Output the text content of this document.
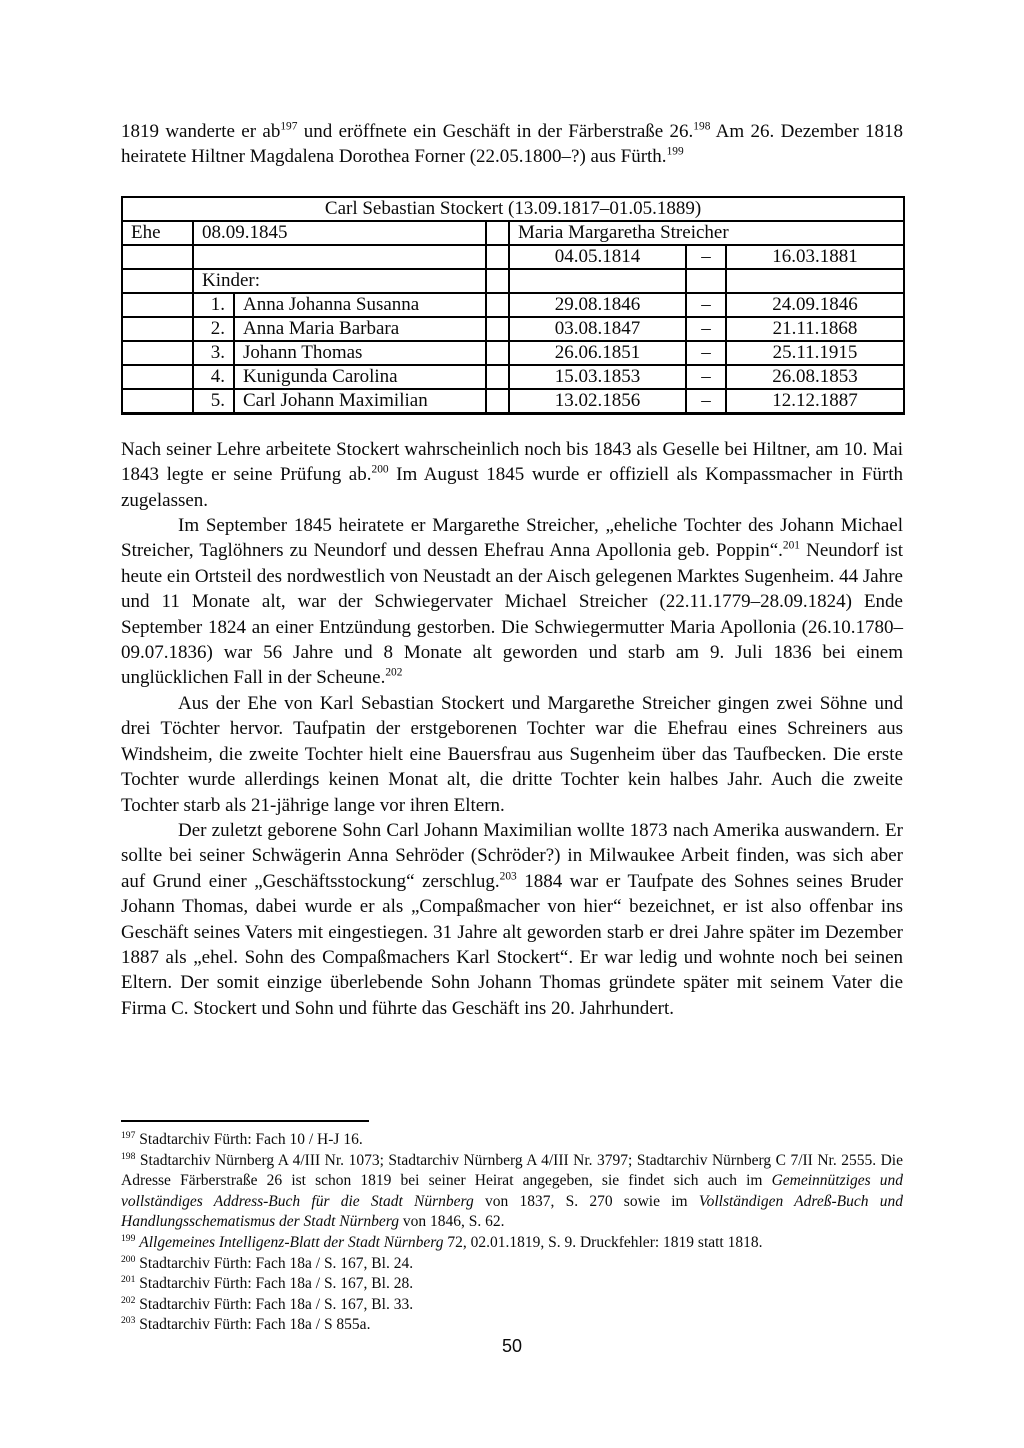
1819 wanderte er ab$^{197}$ und eröffnete ein Geschäft in der Färberstraße 26.$^{198}$ Am 26. Dezember 1818 heiratete Hiltner Magdalena Dorothea Forner (22.05.1800–?) aus Fürth.$^{199}$

Carl Sebastian Stockert (13.09.1817–01.05.1889)						
Ehe	08.09.1845			Maria Margaretha Streicher		
				04.05.1814	–	16.03.1881
	Kinder:					
	1.	Anna Johanna Susanna		29.08.1846	–	24.09.1846
	2.	Anna Maria Barbara		03.08.1847	–	21.11.1868
	3.	Johann Thomas		26.06.1851	–	25.11.1915
	4.	Kunigunda Carolina		15.03.1853	–	26.08.1853
	5.	Carl Johann Maximilian		13.02.1856	–	12.12.1887

Nach seiner Lehre arbeitete Stockert wahrscheinlich noch bis 1843 als Geselle bei Hiltner, am 10. Mai 1843 legte er seine Prüfung ab.$^{200}$ Im August 1845 wurde er offiziell als Kompassmacher in Fürth zugelassen.

Im September 1845 heiratete er Margarethe Streicher, „eheliche Tochter des Johann Michael Streicher, Taglöhners zu Neundorf und dessen Ehefrau Anna Apollonia geb. Poppin“.$^{201}$ Neundorf ist heute ein Ortsteil des nordwestlich von Neustadt an der Aisch gelegenen Marktes Sugenheim. 44 Jahre und 11 Monate alt, war der Schwiegervater Michael Streicher (22.11.1779–28.09.1824) Ende September 1824 an einer Entzündung gestorben. Die Schwiegermutter Maria Apollonia (26.10.1780–09.07.1836) war 56 Jahre und 8 Monate alt geworden und starb am 9. Juli 1836 bei einem unglücklichen Fall in der Scheune.$^{202}$

Aus der Ehe von Karl Sebastian Stockert und Margarethe Streicher gingen zwei Söhne und drei Töchter hervor. Taufpatin der erstgeborenen Tochter war die Ehefrau eines Schreiners aus Windsheim, die zweite Tochter hielt eine Bauersfrau aus Sugenheim über das Taufbecken. Die erste Tochter wurde allerdings keinen Monat alt, die dritte Tochter kein halbes Jahr. Auch die zweite Tochter starb als 21-jährige lange vor ihren Eltern.

Der zuletzt geborene Sohn Carl Johann Maximilian wollte 1873 nach Amerika auswandern. Er sollte bei seiner Schwägerin Anna Sehröder (Schröder?) in Milwaukee Arbeit finden, was sich aber auf Grund einer „Geschäftsstockung“ zerschlug.$^{203}$ 1884 war er Taufpate des Sohnes seines Bruder Johann Thomas, dabei wurde er als „Compaßmacher von hier“ bezeichnet, er ist also offenbar ins Geschäft seines Vaters mit eingestiegen. 31 Jahre alt geworden starb er drei Jahre später im Dezember 1887 als „ehel. Sohn des Compaßmachers Karl Stockert“. Er war ledig und wohnte noch bei seinen Eltern. Der somit einzige überlebende Sohn Johann Thomas gründete später mit seinem Vater die Firma C. Stockert und Sohn und führte das Geschäft ins 20. Jahrhundert.

$^{197}$ Stadtarchiv Fürth: Fach 10 / H-J 16.
$^{198}$ Stadtarchiv Nürnberg A 4/III Nr. 1073; Stadtarchiv Nürnberg A 4/III Nr. 3797; Stadtarchiv Nürnberg C 7/II Nr. 2555. Die Adresse Färberstraße 26 ist schon 1819 bei seiner Heirat angegeben, sie findet sich auch im Gemeinnütziges und vollständiges Address-Buch für die Stadt Nürnberg von 1837, S. 270 sowie im Vollständigen Adreß-Buch und Handlungsschematismus der Stadt Nürnberg von 1846, S. 62.
$^{199}$ Allgemeines Intelligenz-Blatt der Stadt Nürnberg 72, 02.01.1819, S. 9. Druckfehler: 1819 statt 1818.
$^{200}$ Stadtarchiv Fürth: Fach 18a / S. 167, Bl. 24.
$^{201}$ Stadtarchiv Fürth: Fach 18a / S. 167, Bl. 28.
$^{202}$ Stadtarchiv Fürth: Fach 18a / S. 167, Bl. 33.
$^{203}$ Stadtarchiv Fürth: Fach 18a / S 855a.
50
